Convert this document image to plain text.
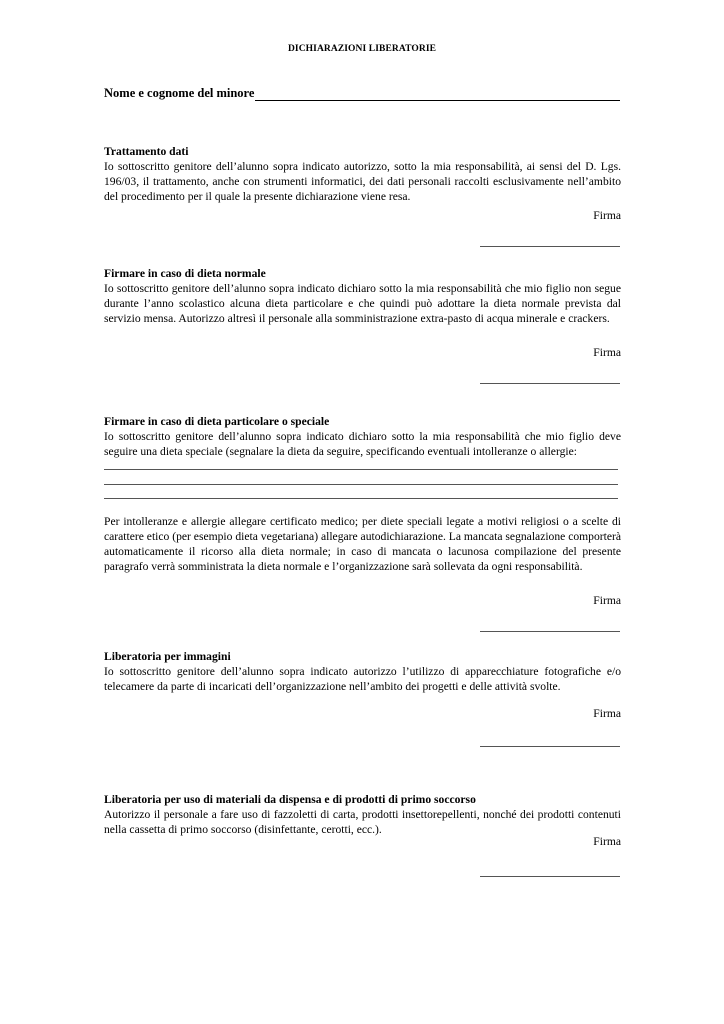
DICHIARAZIONI LIBERATORIE
Nome e cognome del minore
Trattamento dati

Io sottoscritto genitore dell’alunno sopra indicato autorizzo, sotto la mia responsabilità, ai sensi del D. Lgs. 196/03, il trattamento, anche con strumenti informatici, dei dati personali raccolti esclusivamente nell’ambito del procedimento per il quale la presente dichiarazione viene resa.

Firma
Firmare in caso di dieta normale

Io sottoscritto genitore dell’alunno sopra indicato dichiaro sotto la mia responsabilità che mio figlio non segue durante l’anno scolastico alcuna dieta particolare e che quindi può adottare la dieta normale prevista dal servizio mensa. Autorizzo altresì il personale alla somministrazione extra-pasto di acqua minerale e crackers.

Firma
Firmare in caso di dieta particolare o speciale

Io sottoscritto genitore dell’alunno sopra indicato dichiaro sotto la mia responsabilità che mio figlio deve seguire una dieta speciale (segnalare la dieta da seguire, specificando eventuali intolleranze o allergie:

Per intolleranze e allergie allegare certificato medico; per diete speciali legate a motivi religiosi o a scelte di carattere etico (per esempio dieta vegetariana) allegare autodichiarazione. La mancata segnalazione comporterà automaticamente il ricorso alla dieta normale; in caso di mancata o lacunosa compilazione del presente paragrafo verrà somministrata la dieta normale e l’organizzazione sarà sollevata da ogni responsabilità.

Firma
Liberatoria per immagini

Io sottoscritto genitore dell’alunno sopra indicato autorizzo l’utilizzo di apparecchiature fotografiche e/o telecamere da parte di incaricati dell’organizzazione nell’ambito dei progetti e delle attività svolte.

Firma
Liberatoria per uso di materiali da dispensa e di prodotti di primo soccorso

Autorizzo il personale a fare uso di fazzoletti di carta, prodotti insettorepellenti, nonché dei prodotti contenuti nella cassetta di primo soccorso (disinfettante, cerotti, ecc.).

Firma
